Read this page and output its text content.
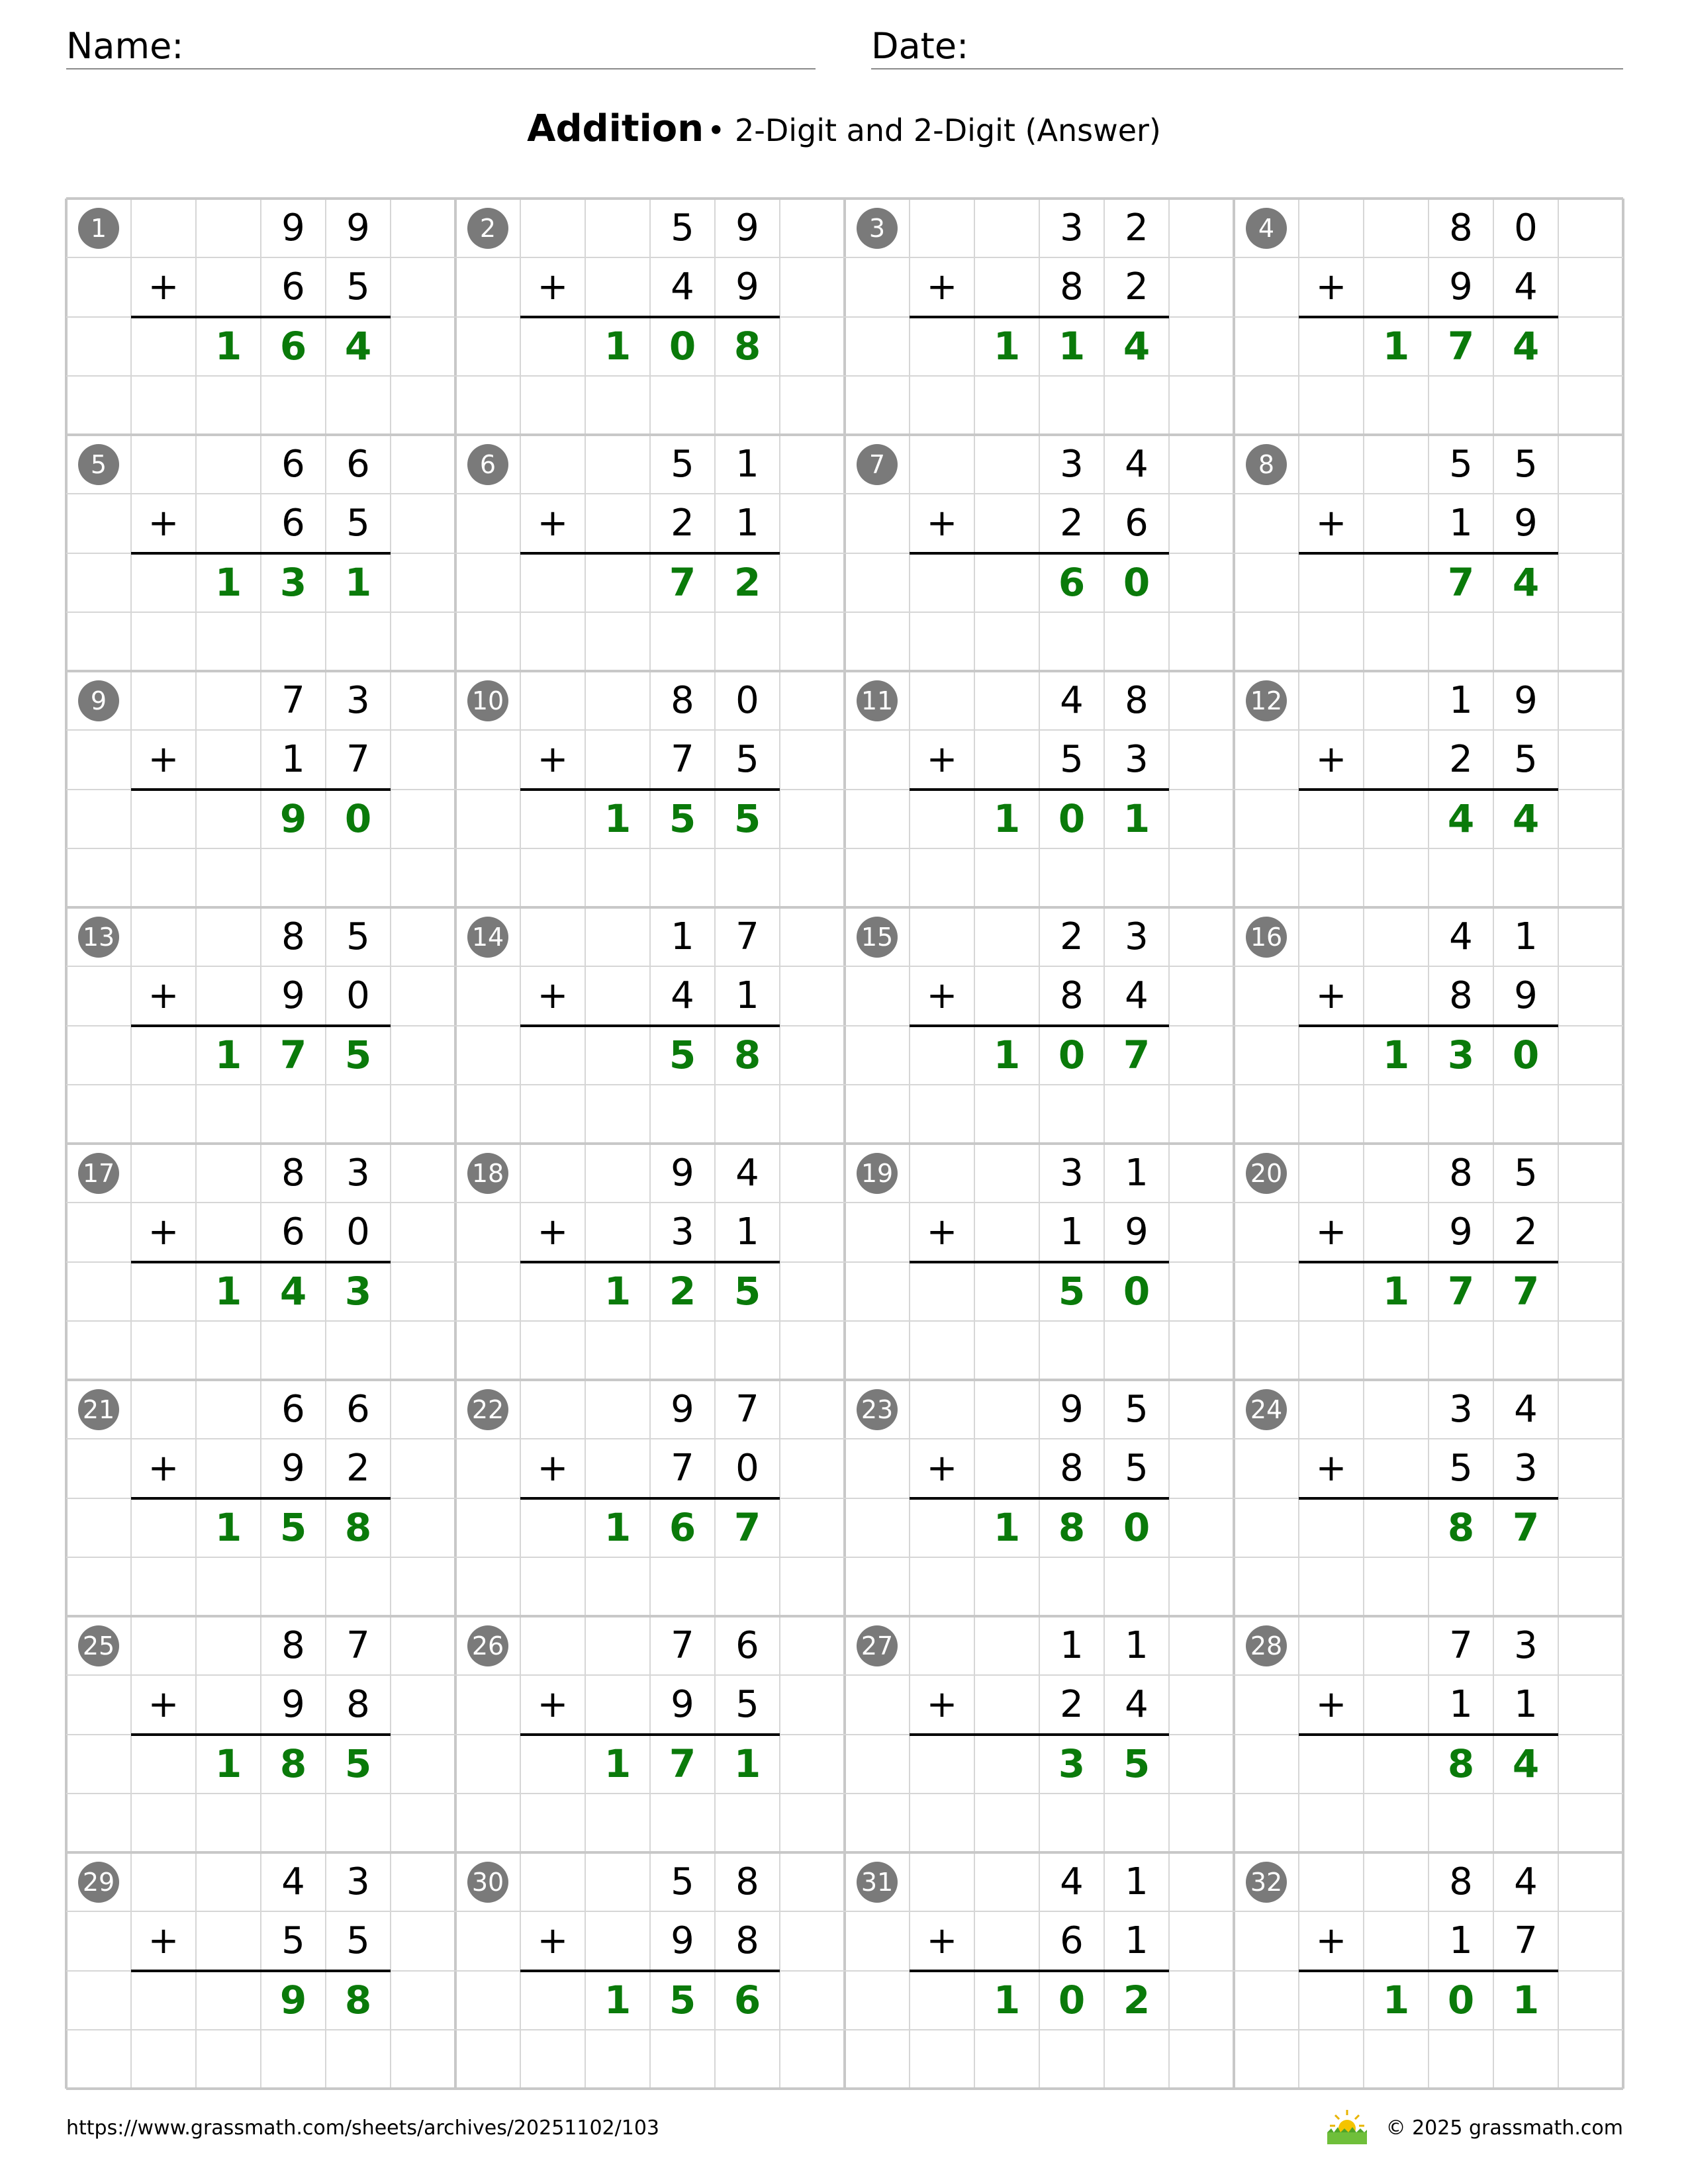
Name:	Date:
Addition • 2-Digit and 2-Digit (Answer)
1	9	9
+	6	5
1 6 4
2	5	9
+	4	9
1 0 8
3	3	2
+	8	2
1 1 4
4	8	0
+	9	4
1 7 4
5	6	6
+	6	5
1 3 1
6	5	1
+	2	1
7 2
7	3	4
+	2	6
6 0
8	5	5
+	1	9
7 4
9	7	3
+	1	7
9 0
10	8	0
+	7	5
1 5 5
11	4	8
+	5	3
1 0 1
12	1	9
+	2	5
4 4
13	8	5
+	9	0
1 7 5
14	1	7
+	4	1
5 8
15	2	3
+	8	4
1 0 7
16	4	1
+	8	9
1 3 0
17	8	3
+	6	0
1 4 3
18	9	4
+	3	1
1 2 5
19	3	1
+	1	9
5 0
20	8	5
+	9	2
1 7 7
21	6	6
+	9	2
1 5 8
22	9	7
+	7	0
1 6 7
23	9	5
+	8	5
1 8 0
24	3	4
+	5	3
8 7
25	8	7
+	9	8
1 8 5
26	7	6
+	9	5
1 7 1
27	1	1
+	2	4
3 5
28	7	3
+	1	1
8 4
29	4	3
+	5	5
9 8
30	5	8
+	9	8
1 5 6
31	4	1
+	6	1
1 0 2
32	8	4
+	1	7
1 0 1
https://www.grassmath.com/sheets/archives/20251102/103	© 2025 grassmath.com
